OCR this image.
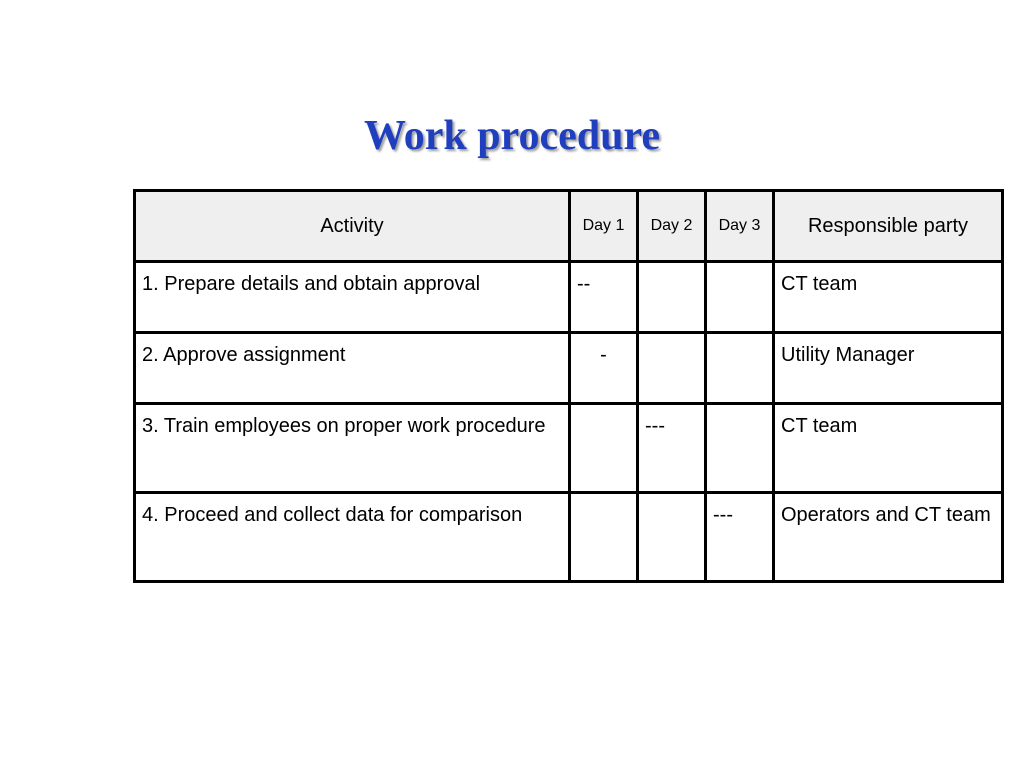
Work procedure
Activity	Day 1	Day 2	Day 3	Responsible party
1. Prepare details and obtain approval	--			CT team
2. Approve assignment	-			Utility Manager
3. Train employees on proper work procedure		---		CT team
4. Proceed and collect data for comparison			---	Operators and CT team
